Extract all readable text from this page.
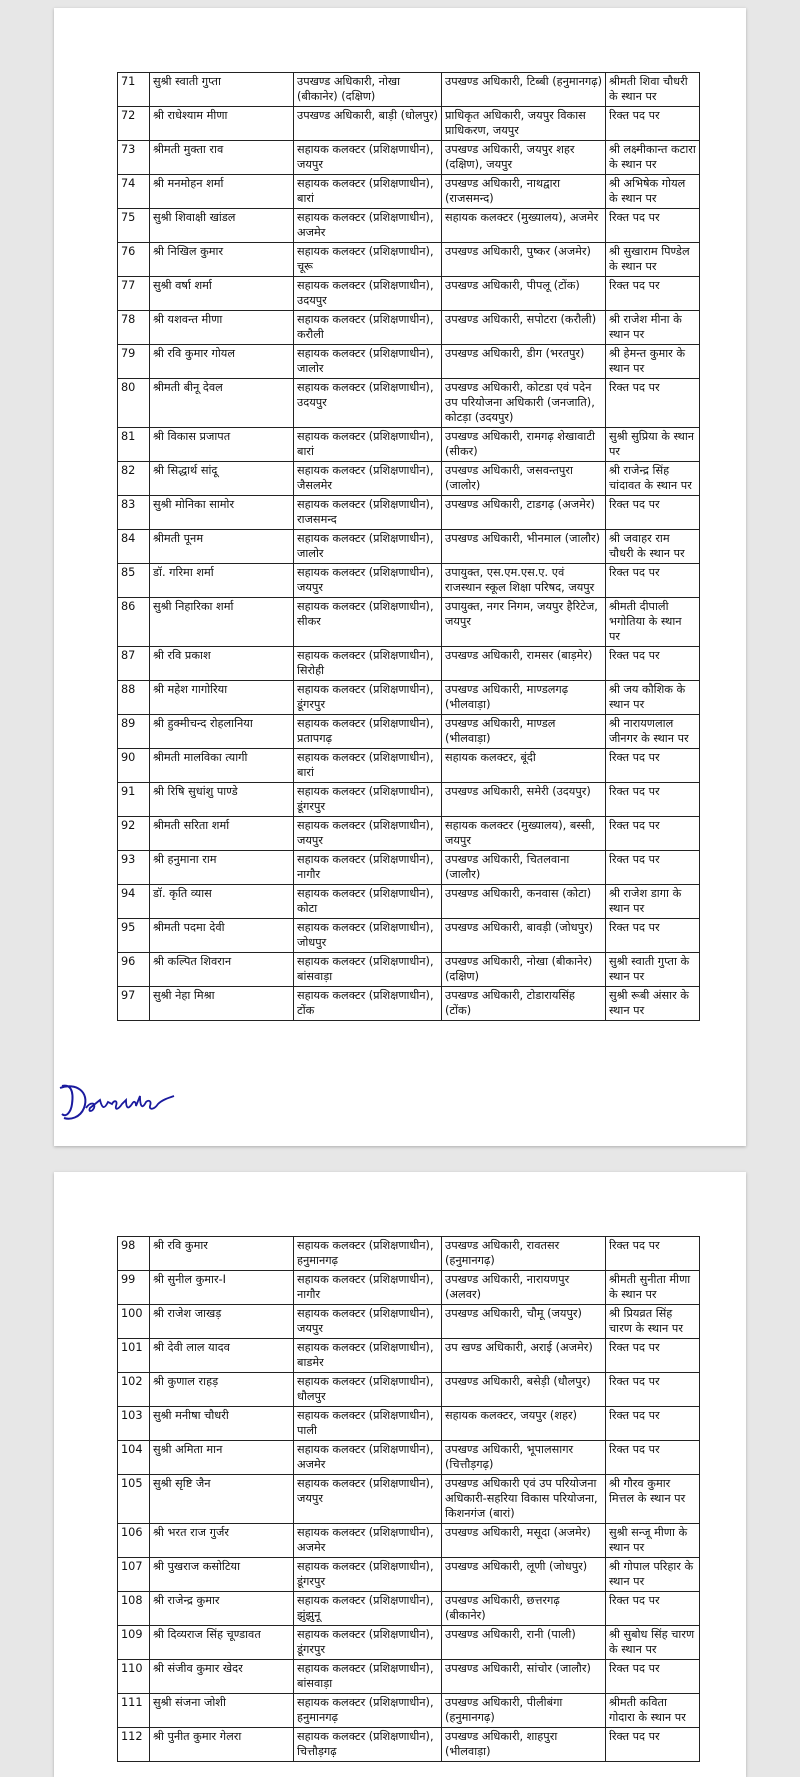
71	सुश्री स्वाती गुप्ता	उपखण्ड अधिकारी, नोखा (बीकानेर) (दक्षिण)	उपखण्ड अधिकारी, टिब्बी (हनुमानगढ़)	श्रीमती शिवा चौधरी के स्थान पर
72	श्री राधेश्याम मीणा	उपखण्ड अधिकारी, बाड़ी (धोलपुर)	प्राधिकृत अधिकारी, जयपुर विकास प्राधिकरण, जयपुर	रिक्त पद पर
73	श्रीमती मुक्ता राव	सहायक कलक्टर (प्रशिक्षणाधीन), जयपुर	उपखण्ड अधिकारी, जयपुर शहर (दक्षिण), जयपुर	श्री लक्ष्मीकान्त कटारा के स्थान पर
74	श्री मनमोहन शर्मा	सहायक कलक्टर (प्रशिक्षणाधीन), बारां	उपखण्ड अधिकारी, नाथद्वारा (राजसमन्द)	श्री अभिषेक गोयल के स्थान पर
75	सुश्री शिवाक्षी खांडल	सहायक कलक्टर (प्रशिक्षणाधीन), अजमेर	सहायक कलक्टर (मुख्यालय), अजमेर	रिक्त पद पर
76	श्री निखिल कुमार	सहायक कलक्टर (प्रशिक्षणाधीन), चूरू	उपखण्ड अधिकारी, पुष्कर (अजमेर)	श्री सुखाराम पिण्डेल के स्थान पर
77	सुश्री वर्षा शर्मा	सहायक कलक्टर (प्रशिक्षणाधीन), उदयपुर	उपखण्ड अधिकारी, पीपलू (टोंक)	रिक्त पद पर
78	श्री यशवन्त मीणा	सहायक कलक्टर (प्रशिक्षणाधीन), करौली	उपखण्ड अधिकारी, सपोटरा (करौली)	श्री राजेश मीना के स्थान पर
79	श्री रवि कुमार गोयल	सहायक कलक्टर (प्रशिक्षणाधीन), जालोर	उपखण्ड अधिकारी, डीग (भरतपुर)	श्री हेमन्त कुमार के स्थान पर
80	श्रीमती बीनू देवल	सहायक कलक्टर (प्रशिक्षणाधीन), उदयपुर	उपखण्ड अधिकारी, कोटडा एवं पदेन उप परियोजना अधिकारी (जनजाति), कोटड़ा (उदयपुर)	रिक्त पद पर
81	श्री विकास प्रजापत	सहायक कलक्टर (प्रशिक्षणाधीन), बारां	उपखण्ड अधिकारी, रामगढ़ शेखावाटी (सीकर)	सुश्री सुप्रिया के स्थान पर
82	श्री सिद्धार्थ सांदू	सहायक कलक्टर (प्रशिक्षणाधीन), जैसलमेर	उपखण्ड अधिकारी, जसवन्तपुरा (जालोर)	श्री राजेन्द्र सिंह चांदावत के स्थान पर
83	सुश्री मोनिका सामोर	सहायक कलक्टर (प्रशिक्षणाधीन), राजसमन्द	उपखण्ड अधिकारी, टाडगढ़ (अजमेर)	रिक्त पद पर
84	श्रीमती पूनम	सहायक कलक्टर (प्रशिक्षणाधीन), जालोर	उपखण्ड अधिकारी, भीनमाल (जालौर)	श्री जवाहर राम चौधरी के स्थान पर
85	डॉ. गरिमा शर्मा	सहायक कलक्टर (प्रशिक्षणाधीन), जयपुर	उपायुक्त, एस.एम.एस.ए. एवं राजस्थान स्कूल शिक्षा परिषद, जयपुर	रिक्त पद पर
86	सुश्री निहारिका शर्मा	सहायक कलक्टर (प्रशिक्षणाधीन), सीकर	उपायुक्त, नगर निगम, जयपुर हैरिटेज, जयपुर	श्रीमती दीपाली भगोतिया के स्थान पर
87	श्री रवि प्रकाश	सहायक कलक्टर (प्रशिक्षणाधीन), सिरोही	उपखण्ड अधिकारी, रामसर (बाड़मेर)	रिक्त पद पर
88	श्री महेश गागोरिया	सहायक कलक्टर (प्रशिक्षणाधीन), डूंगरपुर	उपखण्ड अधिकारी, माण्डलगढ़ (भीलवाड़ा)	श्री जय कौशिक के स्थान पर
89	श्री हुक्मीचन्द रोहलानिया	सहायक कलक्टर (प्रशिक्षणाधीन), प्रतापगढ़	उपखण्ड अधिकारी, माण्डल (भीलवाड़ा)	श्री नारायणलाल जीनगर के स्थान पर
90	श्रीमती मालविका त्यागी	सहायक कलक्टर (प्रशिक्षणाधीन), बारां	सहायक कलक्टर, बूंदी	रिक्त पद पर
91	श्री रिषि सुधांशु पाण्डे	सहायक कलक्टर (प्रशिक्षणाधीन), डूंगरपुर	उपखण्ड अधिकारी, समेरी (उदयपुर)	रिक्त पद पर
92	श्रीमती सरिता शर्मा	सहायक कलक्टर (प्रशिक्षणाधीन), जयपुर	सहायक कलक्टर (मुख्यालय), बस्सी, जयपुर	रिक्त पद पर
93	श्री हनुमाना राम	सहायक कलक्टर (प्रशिक्षणाधीन), नागौर	उपखण्ड अधिकारी, चितलवाना (जालौर)	रिक्त पद पर
94	डॉ. कृति व्यास	सहायक कलक्टर (प्रशिक्षणाधीन), कोटा	उपखण्ड अधिकारी, कनवास (कोटा)	श्री राजेश डागा के स्थान पर
95	श्रीमती पदमा देवी	सहायक कलक्टर (प्रशिक्षणाधीन), जोधपुर	उपखण्ड अधिकारी, बावड़ी (जोधपुर)	रिक्त पद पर
96	श्री कल्पित शिवरान	सहायक कलक्टर (प्रशिक्षणाधीन), बांसवाड़ा	उपखण्ड अधिकारी, नोखा (बीकानेर) (दक्षिण)	सुश्री स्वाती गुप्ता के स्थान पर
97	सुश्री नेहा मिश्रा	सहायक कलक्टर (प्रशिक्षणाधीन), टोंक	उपखण्ड अधिकारी, टोडारायसिंह (टोंक)	सुश्री रूबी अंसार के स्थान पर
98	श्री रवि कुमार	सहायक कलक्टर (प्रशिक्षणाधीन), हनुमानगढ़	उपखण्ड अधिकारी, रावतसर (हनुमानगढ़)	रिक्त पद पर
99	श्री सुनील कुमार-I	सहायक कलक्टर (प्रशिक्षणाधीन), नागौर	उपखण्ड अधिकारी, नारायणपुर (अलवर)	श्रीमती सुनीता मीणा के स्थान पर
100	श्री राजेश जाखड़	सहायक कलक्टर (प्रशिक्षणाधीन), जयपुर	उपखण्ड अधिकारी, चौमू (जयपुर)	श्री प्रियव्रत सिंह चारण के स्थान पर
101	श्री देवी लाल यादव	सहायक कलक्टर (प्रशिक्षणाधीन), बाडमेर	उप खण्ड अधिकारी, अराई (अजमेर)	रिक्त पद पर
102	श्री कुणाल राहड़	सहायक कलक्टर (प्रशिक्षणाधीन), धौलपुर	उपखण्ड अधिकारी, बसेड़ी (धौलपुर)	रिक्त पद पर
103	सुश्री मनीषा चौधरी	सहायक कलक्टर (प्रशिक्षणाधीन), पाली	सहायक कलक्टर, जयपुर (शहर)	रिक्त पद पर
104	सुश्री अमिता मान	सहायक कलक्टर (प्रशिक्षणाधीन), अजमेर	उपखण्ड अधिकारी, भूपालसागर (चित्तौड़गढ़)	रिक्त पद पर
105	सुश्री सृष्टि जैन	सहायक कलक्टर (प्रशिक्षणाधीन), जयपुर	उपखण्ड अधिकारी एवं उप परियोजना अधिकारी-सहरिया विकास परियोजना, किशनगंज (बारां)	श्री गौरव कुमार मित्तल के स्थान पर
106	श्री भरत राज गुर्जर	सहायक कलक्टर (प्रशिक्षणाधीन), अजमेर	उपखण्ड अधिकारी, मसूदा (अजमेर)	सुश्री सन्जू मीणा के स्थान पर
107	श्री पुखराज कसोटिया	सहायक कलक्टर (प्रशिक्षणाधीन), डूंगरपुर	उपखण्ड अधिकारी, लूणी (जोधपुर)	श्री गोपाल परिहार के स्थान पर
108	श्री राजेन्द्र कुमार	सहायक कलक्टर (प्रशिक्षणाधीन), झुंझुनू	उपखण्ड अधिकारी, छत्तरगढ़ (बीकानेर)	रिक्त पद पर
109	श्री दिव्यराज सिंह चूण्डावत	सहायक कलक्टर (प्रशिक्षणाधीन), डूंगरपुर	उपखण्ड अधिकारी, रानी (पाली)	श्री सुबोध सिंह चारण के स्थान पर
110	श्री संजीव कुमार खेदर	सहायक कलक्टर (प्रशिक्षणाधीन), बांसवाड़ा	उपखण्ड अधिकारी, सांचोर (जालौर)	रिक्त पद पर
111	सुश्री संजना जोशी	सहायक कलक्टर (प्रशिक्षणाधीन), हनुमानगढ़	उपखण्ड अधिकारी, पीलीबंगा (हनुमानगढ़)	श्रीमती कविता गोदारा के स्थान पर
112	श्री पुनीत कुमार गेलरा	सहायक कलक्टर (प्रशिक्षणाधीन), चित्तौड़गढ़	उपखण्ड अधिकारी, शाहपुरा (भीलवाड़ा)	रिक्त पद पर
